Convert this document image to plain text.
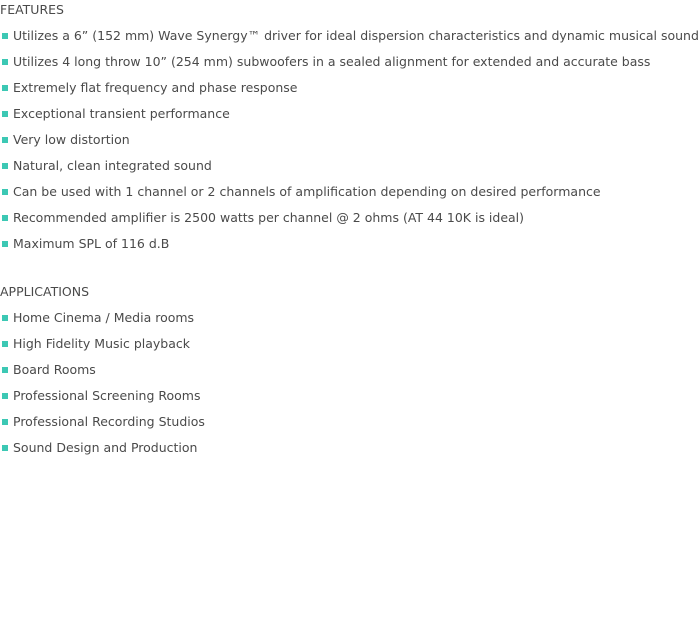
FEATURES
Utilizes a 6” (152 mm) Wave Synergy™ driver for ideal dispersion characteristics and dynamic musical sound
Utilizes 4 long throw 10” (254 mm) subwoofers in a sealed alignment for extended and accurate bass
Extremely flat frequency and phase response
Exceptional transient performance
Very low distortion
Natural, clean integrated sound
Can be used with 1 channel or 2 channels of amplification depending on desired performance
Recommended amplifier is 2500 watts per channel @ 2 ohms (AT 44 10K is ideal)
Maximum SPL of 116 d.B
APPLICATIONS
Home Cinema / Media rooms
High Fidelity Music playback
Board Rooms
Professional Screening Rooms
Professional Recording Studios
Sound Design and Production
